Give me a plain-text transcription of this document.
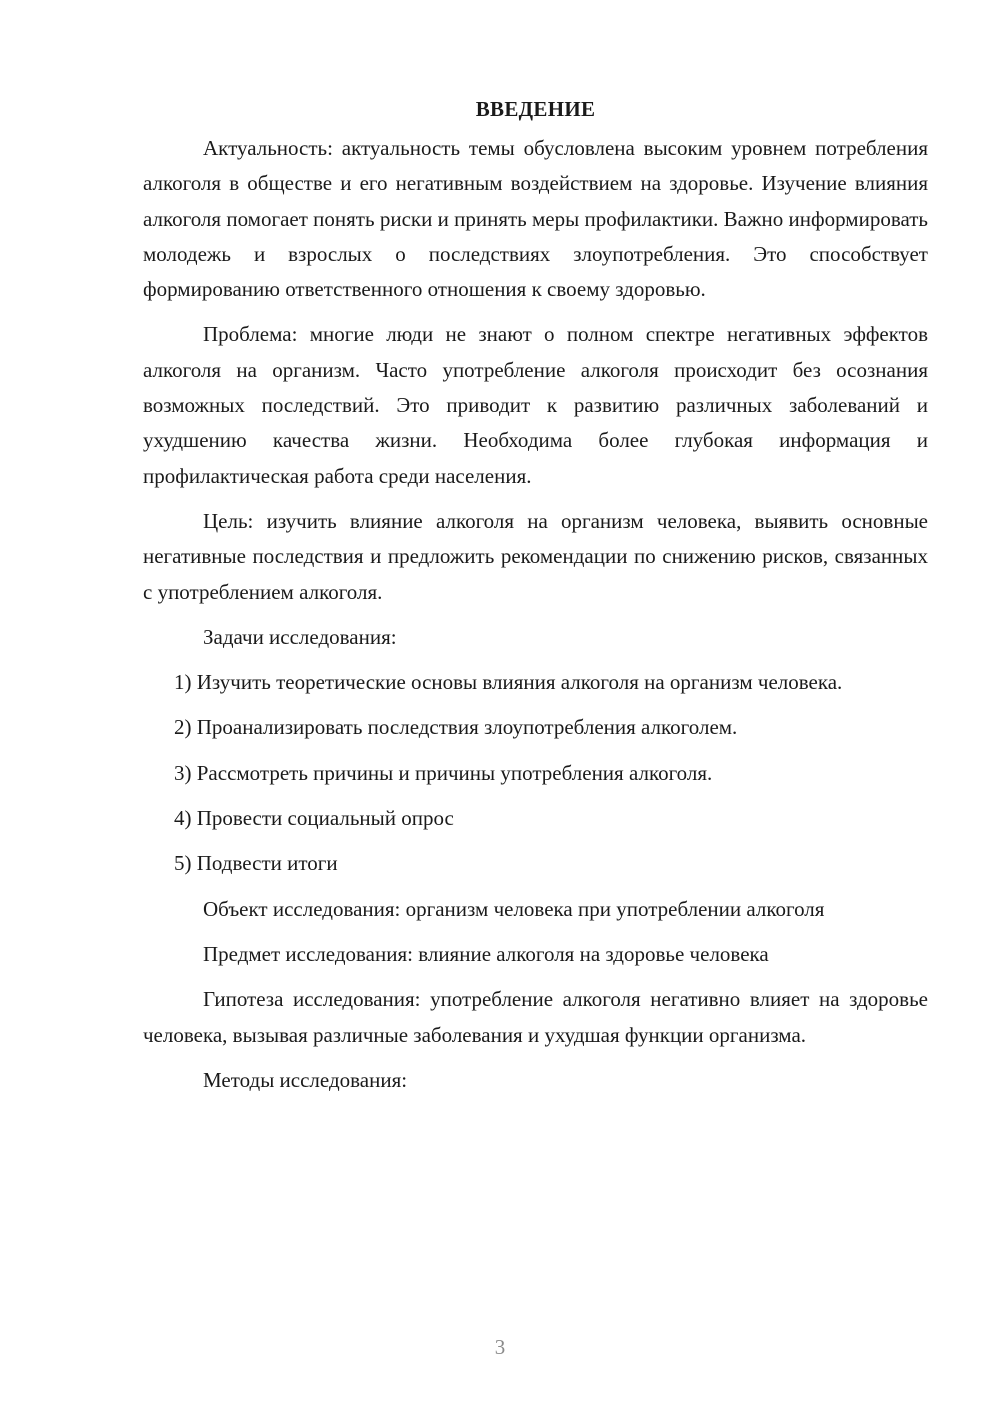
ВВЕДЕНИЕ

Актуальность: актуальность темы обусловлена высоким уровнем потребления алкоголя в обществе и его негативным воздействием на здоровье. Изучение влияния алкоголя помогает понять риски и принять меры профилактики. Важно информировать молодежь и взрослых о последствиях злоупотребления. Это способствует формированию ответственного отношения к своему здоровью.

Проблема: многие люди не знают о полном спектре негативных эффектов алкоголя на организм. Часто употребление алкоголя происходит без осознания возможных последствий. Это приводит к развитию различных заболеваний и ухудшению качества жизни. Необходима более глубокая информация и профилактическая работа среди населения.

Цель: изучить влияние алкоголя на организм человека, выявить основные негативные последствия и предложить рекомендации по снижению рисков, связанных с употреблением алкоголя.

Задачи исследования:

1) Изучить теоретические основы влияния алкоголя на организм человека.

2) Проанализировать последствия злоупотребления алкоголем.

3) Рассмотреть причины и причины употребления алкоголя.

4) Провести социальный опрос

5) Подвести итоги

Объект исследования: организм человека при употреблении алкоголя

Предмет исследования: влияние алкоголя на здоровье человека

Гипотеза исследования: употребление алкоголя негативно влияет на здоровье человека, вызывая различные заболевания и ухудшая функции организма.

Методы исследования:

3
